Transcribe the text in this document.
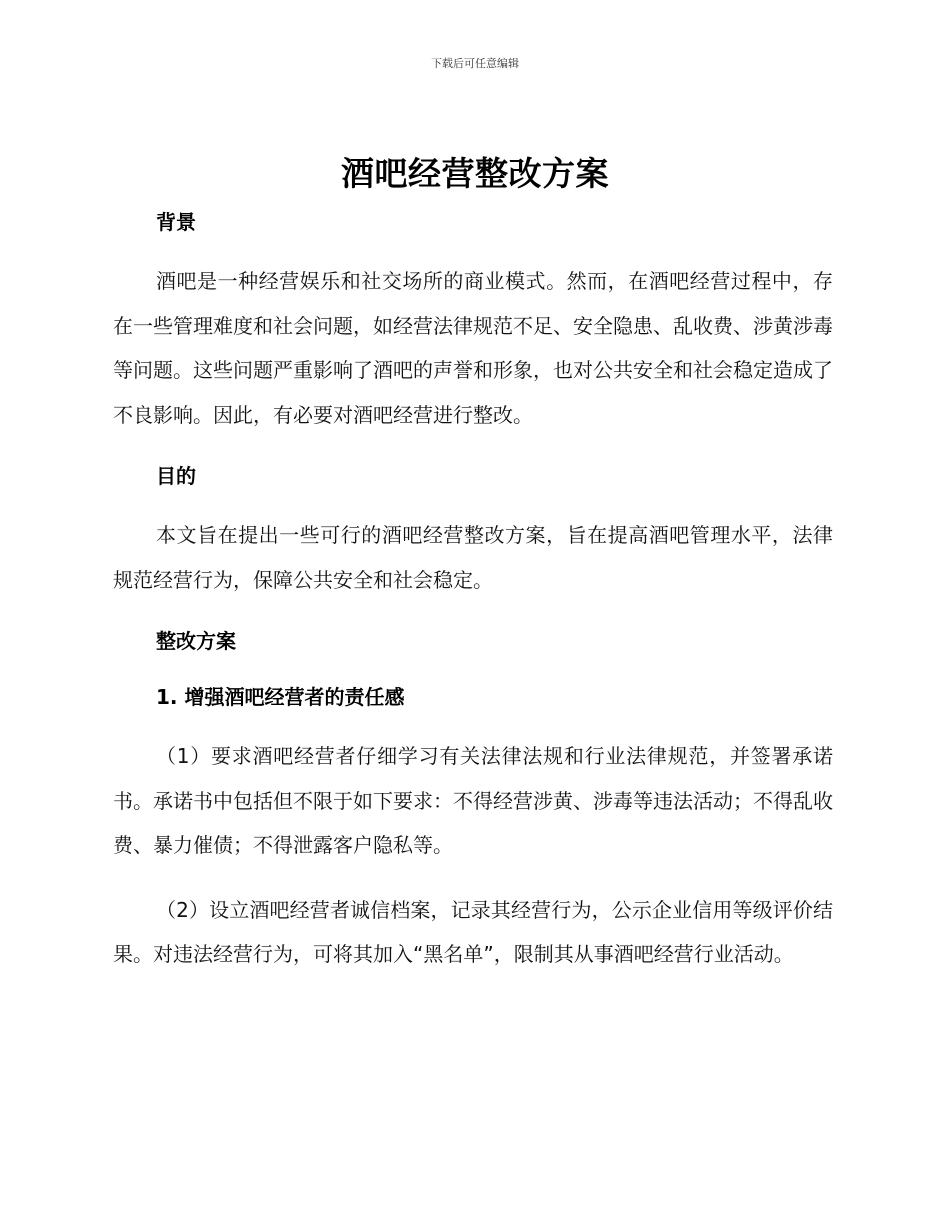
下载后可任意编辑
酒吧经营整改方案
背景

酒吧是一种经营娱乐和社交场所的商业模式。然而，在酒吧经营过程中，存在一些管理难度和社会问题，如经营法律规范不足、安全隐患、乱收费、涉黄涉毒等问题。这些问题严重影响了酒吧的声誉和形象，也对公共安全和社会稳定造成了不良影响。因此，有必要对酒吧经营进行整改。

目的

本文旨在提出一些可行的酒吧经营整改方案，旨在提高酒吧管理水平，法律规范经营行为，保障公共安全和社会稳定。

整改方案
1. 增强酒吧经营者的责任感

（1）要求酒吧经营者仔细学习有关法律法规和行业法律规范，并签署承诺书。承诺书中包括但不限于如下要求：不得经营涉黄、涉毒等违法活动；不得乱收费、暴力催债；不得泄露客户隐私等。

（2）设立酒吧经营者诚信档案，记录其经营行为，公示企业信用等级评价结果。对违法经营行为，可将其加入“黑名单”，限制其从事酒吧经营行业活动。
